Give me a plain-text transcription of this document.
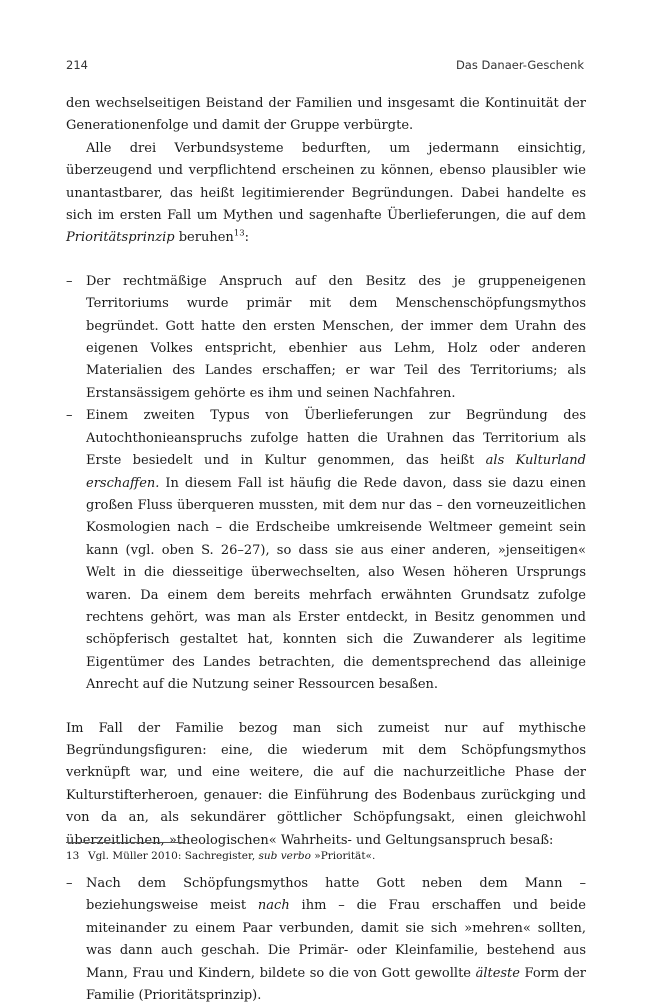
214	Das Danaer-Geschenk

den wechselseitigen Beistand der Familien und insgesamt die Kontinuität der Generationenfolge und damit der Gruppe verbürgte.

Alle drei Verbundsysteme bedurften, um jedermann einsichtig, überzeugend und verpflichtend erscheinen zu können, ebenso plausibler wie unantastbarer, das heißt legitimierender Begründungen. Dabei handelte es sich im ersten Fall um Mythen und sagenhafte Überlieferungen, die auf dem Prioritätsprinzip beruhen$^{13}$:

– Der rechtmäßige Anspruch auf den Besitz des je gruppeneigenen Territoriums wurde primär mit dem Menschenschöpfungsmythos begründet. Gott hatte den ersten Menschen, der immer dem Urahn des eigenen Volkes entspricht, ebenhier aus Lehm, Holz oder anderen Materialien des Landes erschaffen; er war Teil des Territoriums; als Erstansässigem gehörte es ihm und seinen Nachfahren.
– Einem zweiten Typus von Überlieferungen zur Begründung des Autochthonieanspruchs zufolge hatten die Urahnen das Territorium als Erste besiedelt und in Kultur genommen, das heißt als Kulturland erschaffen. In diesem Fall ist häufig die Rede davon, dass sie dazu einen großen Fluss überqueren mussten, mit dem nur das – den vorneuzeitlichen Kosmologien nach – die Erdscheibe umkreisende Weltmeer gemeint sein kann (vgl. oben S. 26–27), so dass sie aus einer anderen, »jenseitigen« Welt in die diesseitige überwechselten, also Wesen höheren Ursprungs waren. Da einem dem bereits mehrfach erwähnten Grundsatz zufolge rechtens gehört, was man als Erster entdeckt, in Besitz genommen und schöpferisch gestaltet hat, konnten sich die Zuwanderer als legitime Eigentümer des Landes betrachten, die dementsprechend das alleinige Anrecht auf die Nutzung seiner Ressourcen besaßen.

Im Fall der Familie bezog man sich zumeist nur auf mythische Begründungsfiguren: eine, die wiederum mit dem Schöpfungsmythos verknüpft war, und eine weitere, die auf die nachurzeitliche Phase der Kulturstifterheroen, genauer: die Einführung des Bodenbaus zurückging und von da an, als sekundärer göttlicher Schöpfungsakt, einen gleichwohl überzeitlichen, »theologischen« Wahrheits- und Geltungsanspruch besaß:

– Nach dem Schöpfungsmythos hatte Gott neben dem Mann – beziehungsweise meist nach ihm – die Frau erschaffen und beide miteinander zu einem Paar verbunden, damit sie sich »mehren« sollten, was dann auch geschah. Die Primär- oder Kleinfamilie, bestehend aus Mann, Frau und Kindern, bildete so die von Gott gewollte älteste Form der Familie (Prioritätsprinzip).
13 Vgl. Müller 2010: Sachregister, sub verbo »Priorität«.
